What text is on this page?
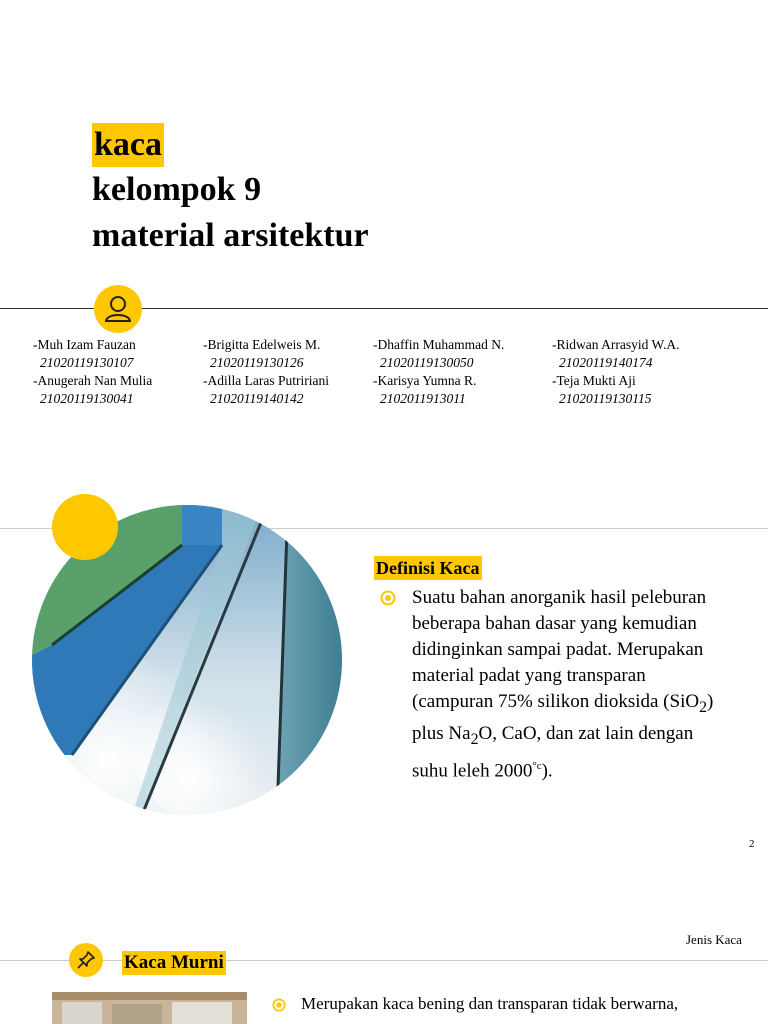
kaca
kelompok 9
material arsitektur
-Muh Izam Fauzan
21020119130107
-Anugerah Nan Mulia
21020119130041
-Brigitta Edelweis M.
21020119130126
-Adilla Laras Putririani
21020119140142
-Dhaffin Muhammad N.
21020119130050
-Karisya Yumna R.
2102011913011
-Ridwan Arrasyid W.A.
21020119140174
-Teja Mukti Aji
21020119130115
Definisi Kaca
Suatu bahan anorganik hasil peleburan beberapa bahan dasar yang kemudian didinginkan sampai padat. Merupakan material padat yang transparan (campuran 75% silikon dioksida (SiO$_2$) plus $Na_2O$, CaO, dan zat lain dengan suhu leleh $2000^{^\circ c}$).
2
Jenis Kaca
Kaca Murni
Merupakan kaca bening dan transparan tidak berwarna,
